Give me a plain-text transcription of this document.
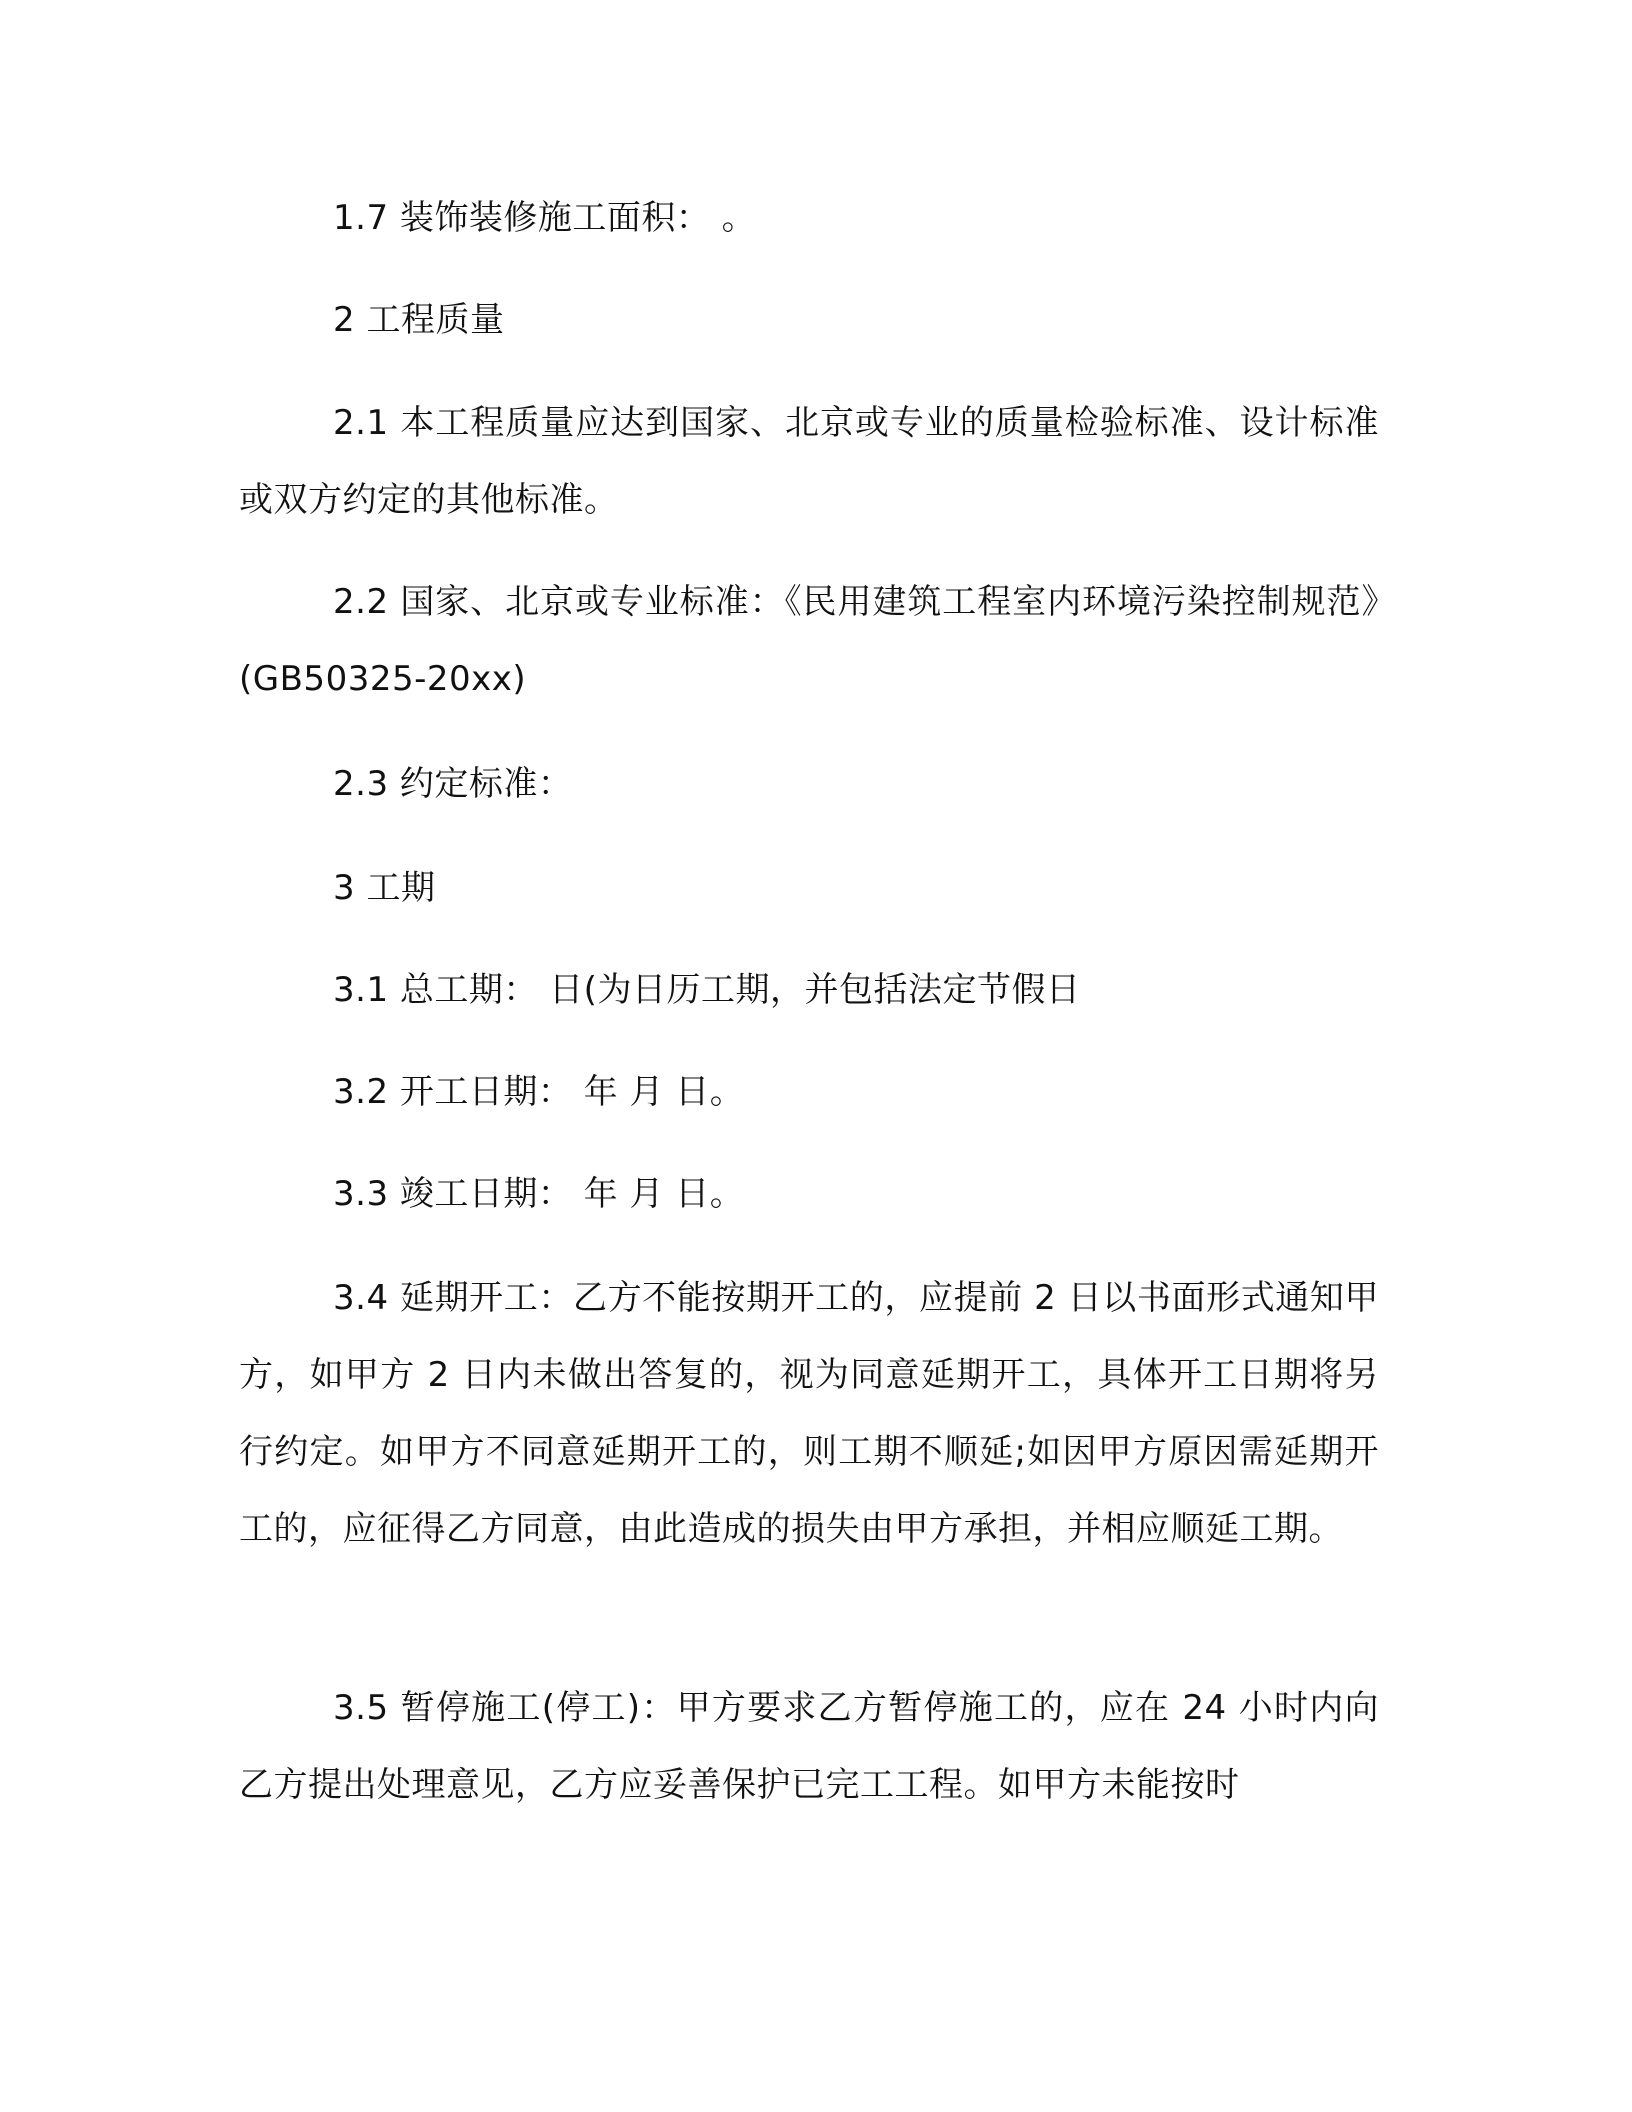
1.7 装饰装修施工面积： 。

2 工程质量

2.1 本工程质量应达到国家、北京或专业的质量检验标准、设计标准或双方约定的其他标准。

2.2 国家、北京或专业标准：《民用建筑工程室内环境污染控制规范》(GB50325-20xx)

2.3 约定标准：

3 工期

3.1 总工期： 日(为日历工期，并包括法定节假日

3.2 开工日期： 年 月 日。

3.3 竣工日期： 年 月 日。

3.4 延期开工：乙方不能按期开工的，应提前 2 日以书面形式通知甲方，如甲方 2 日内未做出答复的，视为同意延期开工，具体开工日期将另行约定。如甲方不同意延期开工的，则工期不顺延;如因甲方原因需延期开工的，应征得乙方同意，由此造成的损失由甲方承担，并相应顺延工期。

3.5 暂停施工(停工)：甲方要求乙方暂停施工的，应在 24 小时内向乙方提出处理意见，乙方应妥善保护已完工工程。如甲方未能按时
